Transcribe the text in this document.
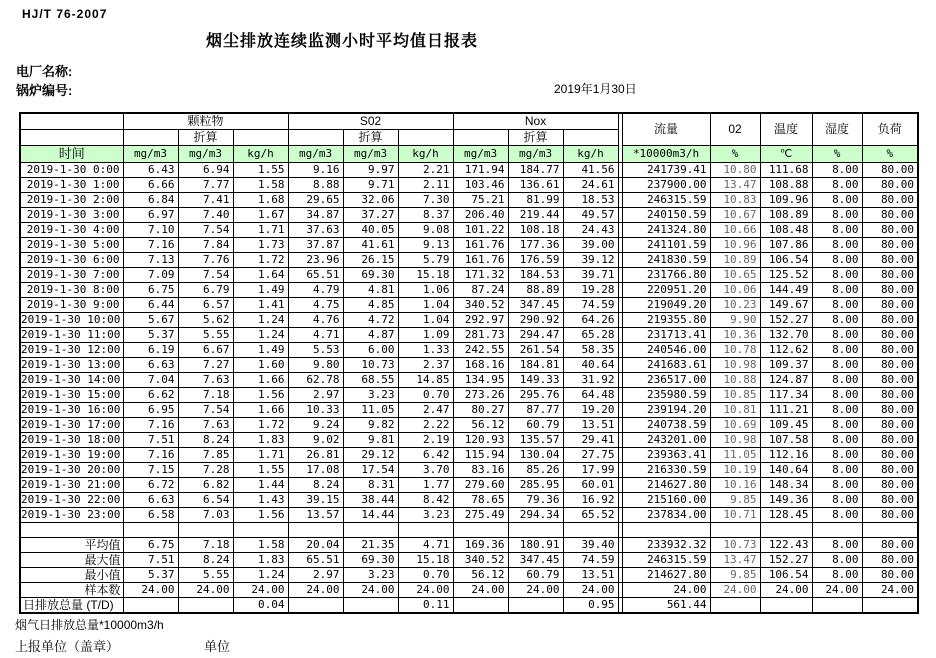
HJ/T 76-2007
烟尘排放连续监测小时平均值日报表
电厂名称:
锅炉编号:	2019年1月30日
	颗粒物			S02			Nox				流量	02	温度	湿度	负荷
		折算			折算			折算							
时间	mg/m3	mg/m3	kg/h	mg/m3	mg/m3	kg/h	mg/m3	mg/m3	kg/h		*10000m3/h	%	℃	%	%
2019-1-30 0:00	6.43	6.94	1.55	9.16	9.97	2.21	171.94	184.77	41.56		241739.41	10.80	111.68	8.00	80.00
2019-1-30 1:00	6.66	7.77	1.58	8.88	9.71	2.11	103.46	136.61	24.61		237900.00	13.47	108.88	8.00	80.00
2019-1-30 2:00	6.84	7.41	1.68	29.65	32.06	7.30	75.21	81.99	18.53		246315.59	10.83	109.96	8.00	80.00
2019-1-30 3:00	6.97	7.40	1.67	34.87	37.27	8.37	206.40	219.44	49.57		240150.59	10.67	108.89	8.00	80.00
2019-1-30 4:00	7.10	7.54	1.71	37.63	40.05	9.08	101.22	108.18	24.43		241324.80	10.66	108.48	8.00	80.00
2019-1-30 5:00	7.16	7.84	1.73	37.87	41.61	9.13	161.76	177.36	39.00		241101.59	10.96	107.86	8.00	80.00
2019-1-30 6:00	7.13	7.76	1.72	23.96	26.15	5.79	161.76	176.59	39.12		241830.59	10.89	106.54	8.00	80.00
2019-1-30 7:00	7.09	7.54	1.64	65.51	69.30	15.18	171.32	184.53	39.71		231766.80	10.65	125.52	8.00	80.00
2019-1-30 8:00	6.75	6.79	1.49	4.79	4.81	1.06	87.24	88.89	19.28		220951.20	10.06	144.49	8.00	80.00
2019-1-30 9:00	6.44	6.57	1.41	4.75	4.85	1.04	340.52	347.45	74.59		219049.20	10.23	149.67	8.00	80.00
2019-1-30 10:00	5.67	5.62	1.24	4.76	4.72	1.04	292.97	290.92	64.26		219355.80	9.90	152.27	8.00	80.00
2019-1-30 11:00	5.37	5.55	1.24	4.71	4.87	1.09	281.73	294.47	65.28		231713.41	10.36	132.70	8.00	80.00
2019-1-30 12:00	6.19	6.67	1.49	5.53	6.00	1.33	242.55	261.54	58.35		240546.00	10.78	112.62	8.00	80.00
2019-1-30 13:00	6.63	7.27	1.60	9.80	10.73	2.37	168.16	184.81	40.64		241683.61	10.98	109.37	8.00	80.00
2019-1-30 14:00	7.04	7.63	1.66	62.78	68.55	14.85	134.95	149.33	31.92		236517.00	10.88	124.87	8.00	80.00
2019-1-30 15:00	6.62	7.18	1.56	2.97	3.23	0.70	273.26	295.76	64.48		235980.59	10.85	117.34	8.00	80.00
2019-1-30 16:00	6.95	7.54	1.66	10.33	11.05	2.47	80.27	87.77	19.20		239194.20	10.81	111.21	8.00	80.00
2019-1-30 17:00	7.16	7.63	1.72	9.24	9.82	2.22	56.12	60.79	13.51		240738.59	10.69	109.45	8.00	80.00
2019-1-30 18:00	7.51	8.24	1.83	9.02	9.81	2.19	120.93	135.57	29.41		243201.00	10.98	107.58	8.00	80.00
2019-1-30 19:00	7.16	7.85	1.71	26.81	29.12	6.42	115.94	130.04	27.75		239363.41	11.05	112.16	8.00	80.00
2019-1-30 20:00	7.15	7.28	1.55	17.08	17.54	3.70	83.16	85.26	17.99		216330.59	10.19	140.64	8.00	80.00
2019-1-30 21:00	6.72	6.82	1.44	8.24	8.31	1.77	279.60	285.95	60.01		214627.80	10.16	148.34	8.00	80.00
2019-1-30 22:00	6.63	6.54	1.43	39.15	38.44	8.42	78.65	79.36	16.92		215160.00	9.85	149.36	8.00	80.00
2019-1-30 23:00	6.58	7.03	1.56	13.57	14.44	3.23	275.49	294.34	65.52		237834.00	10.71	128.45	8.00	80.00

平均值	6.75	7.18	1.58	20.04	21.35	4.71	169.36	180.91	39.40		233932.32	10.73	122.43	8.00	80.00
最大值	7.51	8.24	1.83	65.51	69.30	15.18	340.52	347.45	74.59		246315.59	13.47	152.27	8.00	80.00
最小值	5.37	5.55	1.24	2.97	3.23	0.70	56.12	60.79	13.51		214627.80	9.85	106.54	8.00	80.00
样本数	24.00	24.00	24.00	24.00	24.00	24.00	24.00	24.00	24.00		24.00	24.00	24.00	24.00	24.00
日排放总量 (T/D)			0.04			0.11			0.95		561.44				
烟气日排放总量*10000m3/h
上报单位（盖章）	单位
